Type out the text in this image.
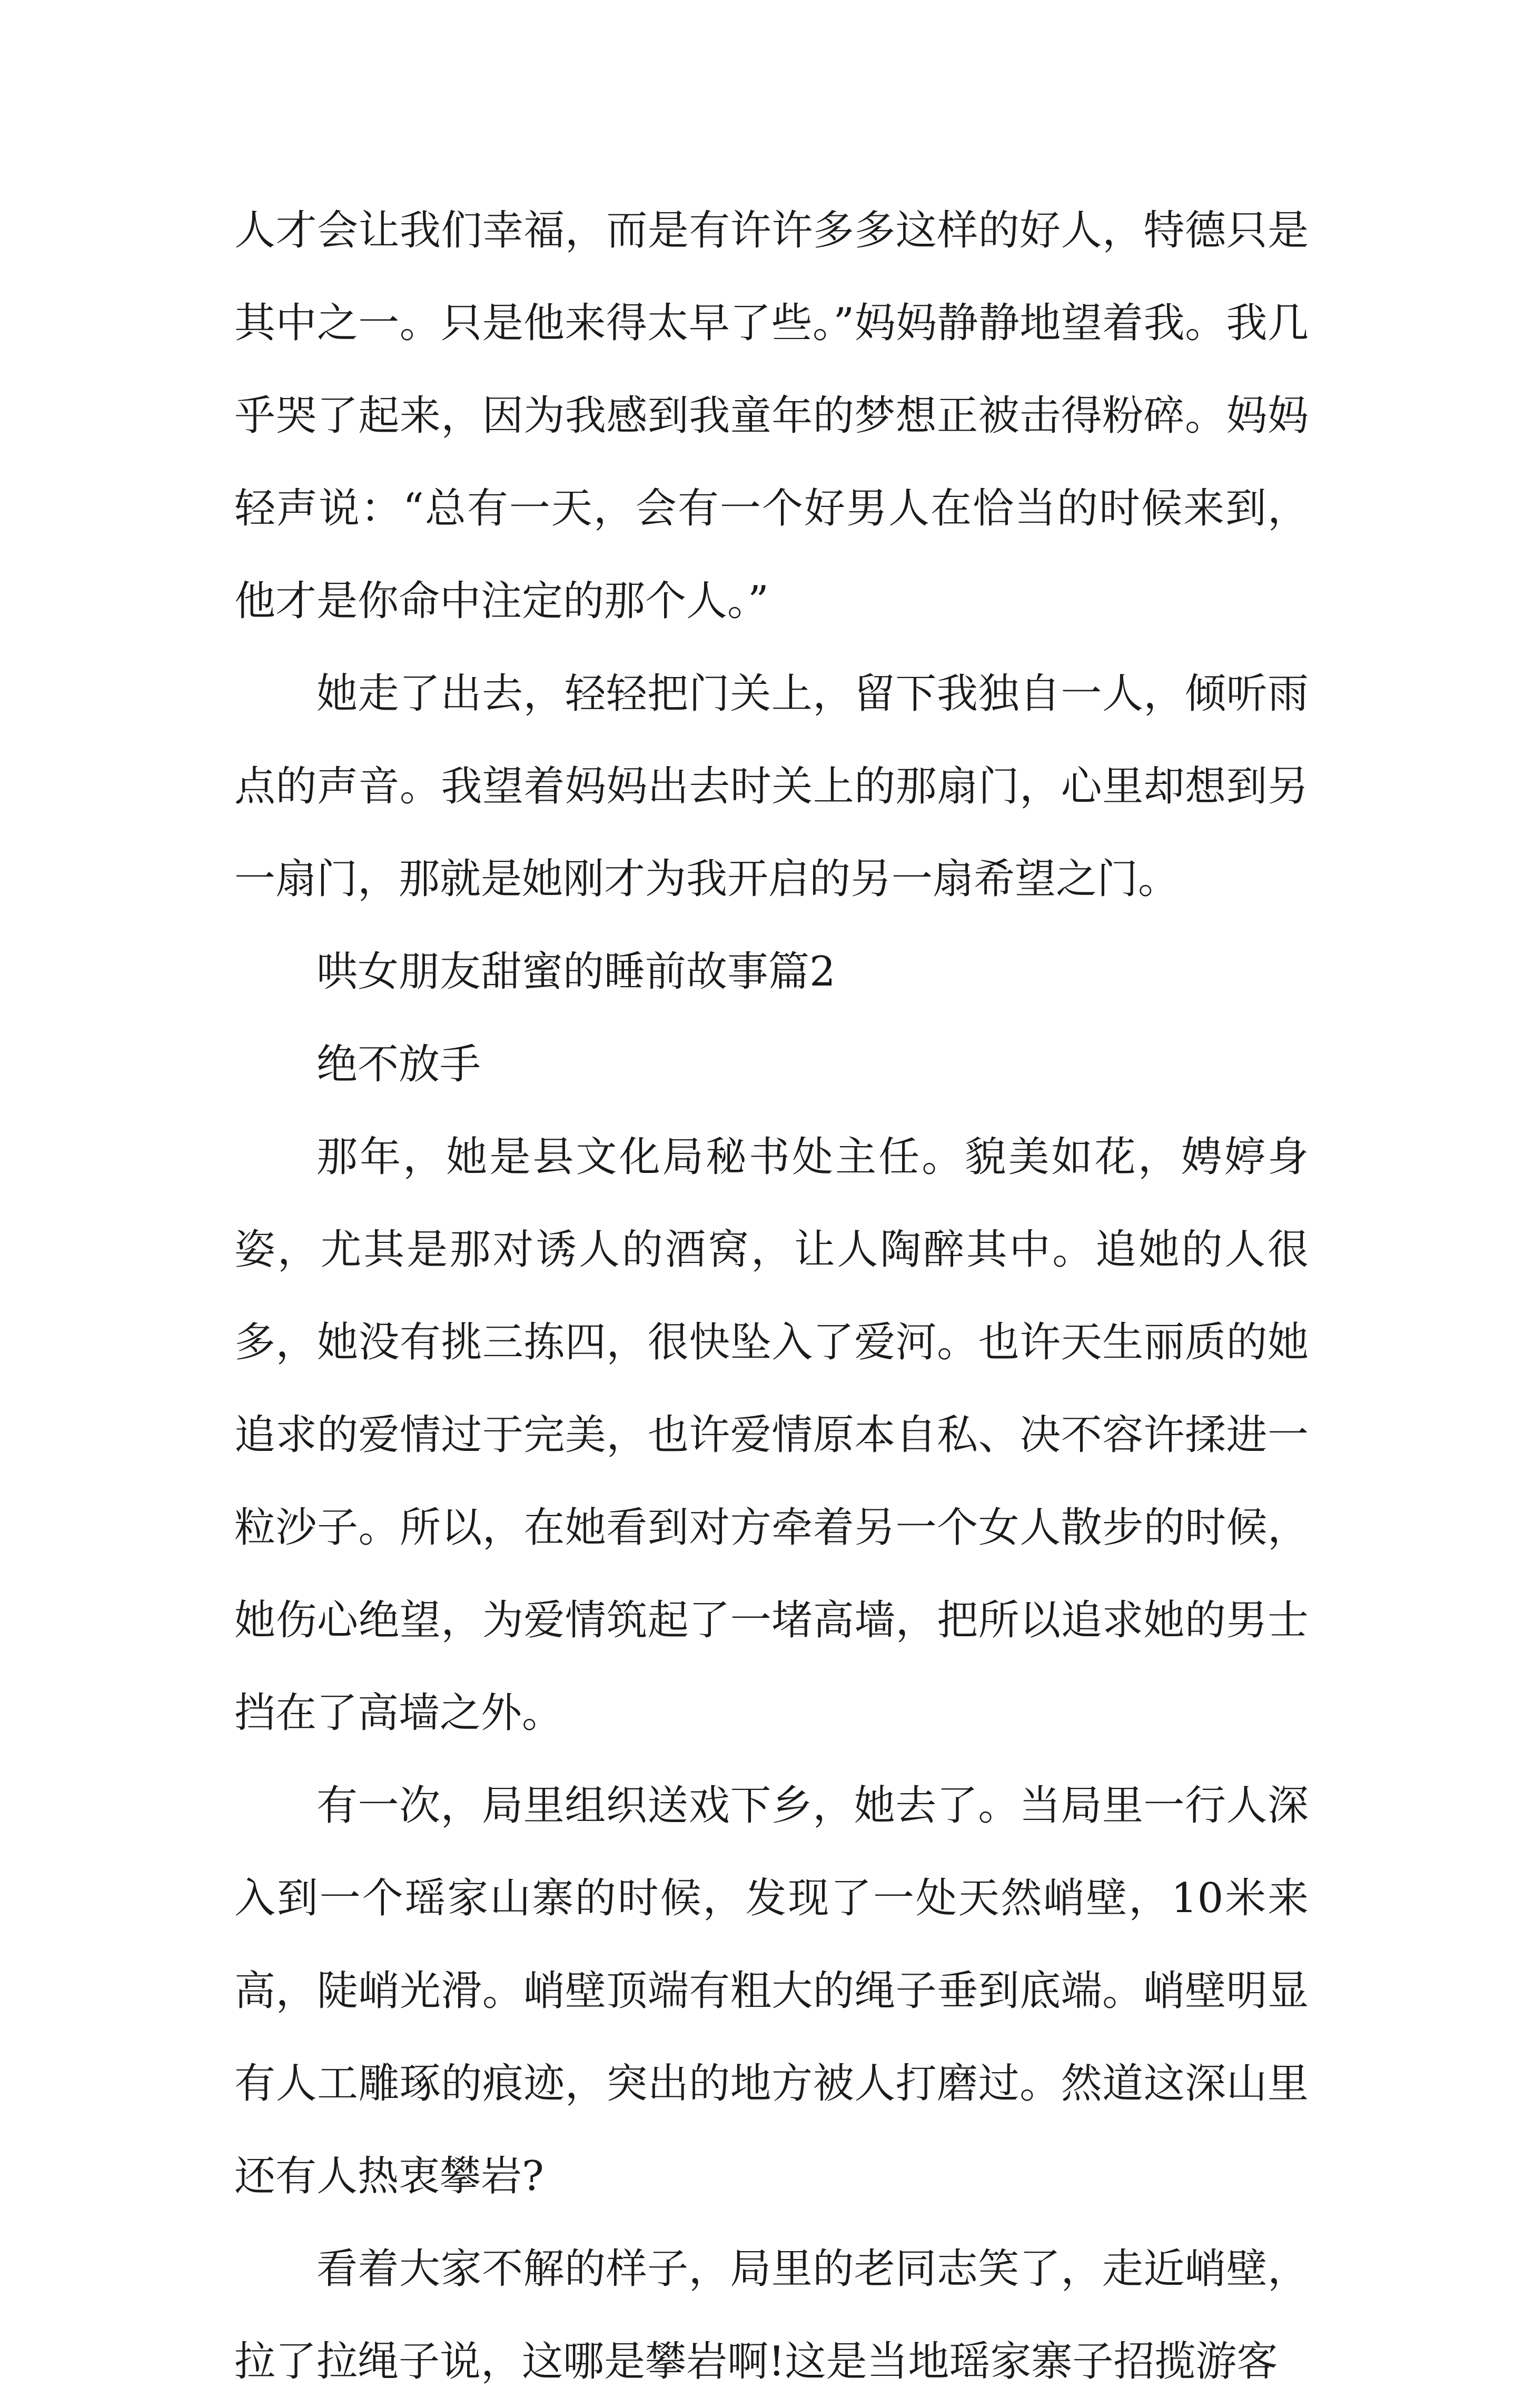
人才会让我们幸福，而是有许许多多这样的好人，特德只是其中之一。只是他来得太早了些。”妈妈静静地望着我。我几乎哭了起来，因为我感到我童年的梦想正被击得粉碎。妈妈轻声说：“总有一天，会有一个好男人在恰当的时候来到，他才是你命中注定的那个人。”

她走了出去，轻轻把门关上，留下我独自一人，倾听雨点的声音。我望着妈妈出去时关上的那扇门，心里却想到另一扇门，那就是她刚才为我开启的另一扇希望之门。

哄女朋友甜蜜的睡前故事篇2

绝不放手

那年，她是县文化局秘书处主任。貌美如花，娉婷身姿，尤其是那对诱人的酒窝，让人陶醉其中。追她的人很多，她没有挑三拣四，很快坠入了爱河。也许天生丽质的她追求的爱情过于完美，也许爱情原本自私、决不容许揉进一粒沙子。所以，在她看到对方牵着另一个女人散步的时候，她伤心绝望，为爱情筑起了一堵高墙，把所以追求她的男士挡在了高墙之外。

有一次，局里组织送戏下乡，她去了。当局里一行人深入到一个瑶家山寨的时候，发现了一处天然峭壁，10米来高，陡峭光滑。峭壁顶端有粗大的绳子垂到底端。峭壁明显有人工雕琢的痕迹，突出的地方被人打磨过。然道这深山里还有人热衷攀岩?

看着大家不解的样子，局里的老同志笑了，走近峭壁，拉了拉绳子说，这哪是攀岩啊!这是当地瑶家寨子招揽游客
